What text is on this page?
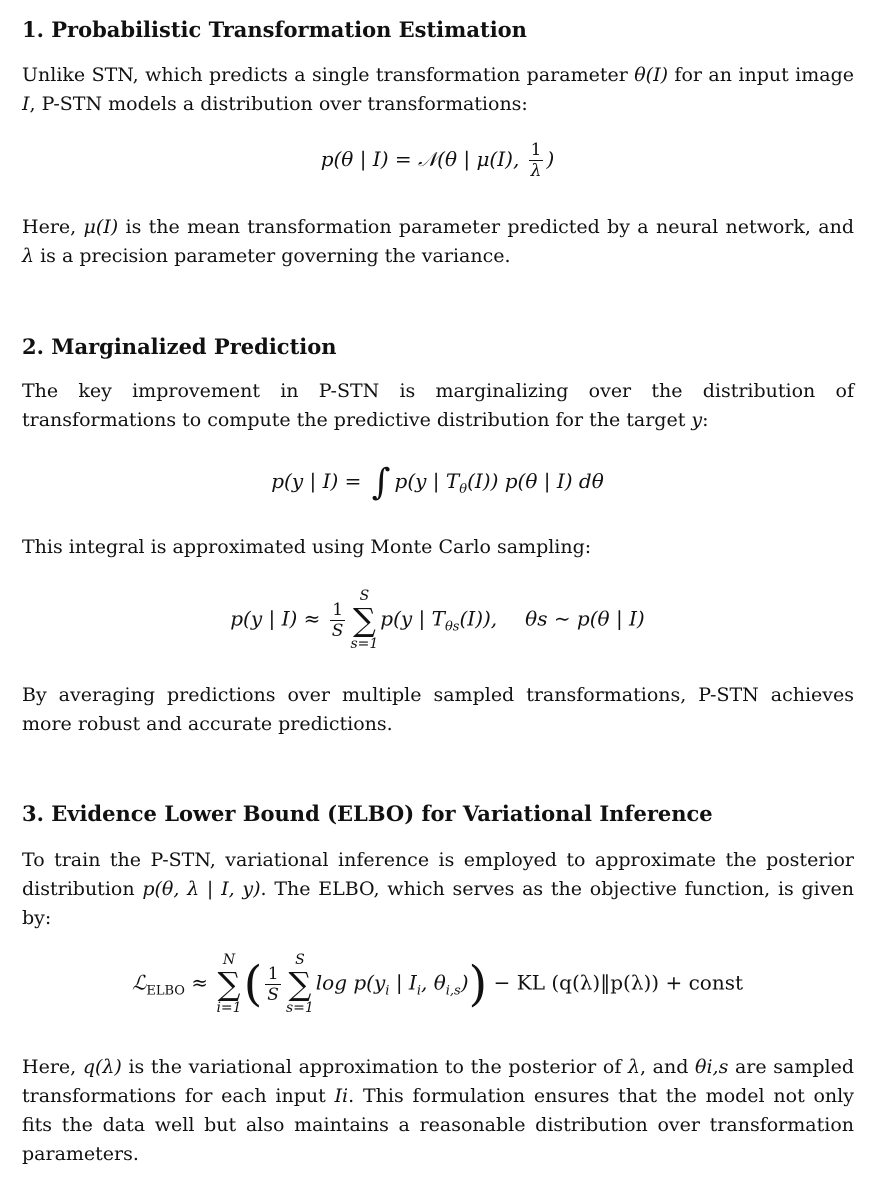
1. Probabilistic Transformation Estimation

Unlike STN, which predicts a single transformation parameter θ(I) for an input image I, P-STN models a distribution over transformations:

p(θ | I) = 𝒩(θ | μ(I), $\frac{1}{\lambda}$ )

Here, μ(I) is the mean transformation parameter predicted by a neural network, and λ is a precision parameter governing the variance.

2. Marginalized Prediction

The key improvement in P-STN is marginalizing over the distribution of transformations to compute the predictive distribution for the target y:

p(y | I) = ∫ p(y | $T_\theta(I)$) p(θ | I) dθ

This integral is approximated using Monte Carlo sampling:

p(y | $I) \approx \frac{1}{S}$
S
∑
s=1
p(y | $T_{\theta s}(I)$), θs ∼ p(θ | I)

By averaging predictions over multiple sampled transformations, P-STN achieves more robust and accurate predictions.

3. Evidence Lower Bound (ELBO) for Variational Inference

To train the P-STN, variational inference is employed to approximate the posterior distribution p(θ, λ | I, y). The ELBO, which serves as the objective function, is given by:

ℒ$_{ELBO}$ ≈
N
∑
i=1 ( $\frac{1}{S}$
S
∑
s=1
$\log p(y_i$ | $I_i$, $\theta_{i,s}$)) − KL (q(λ)‖p(λ)) + const

Here, q(λ) is the variational approximation to the posterior of λ, and θi,s are sampled transformations for each input Ii. This formulation ensures that the model not only fits the data well but also maintains a reasonable distribution over transformation parameters.
